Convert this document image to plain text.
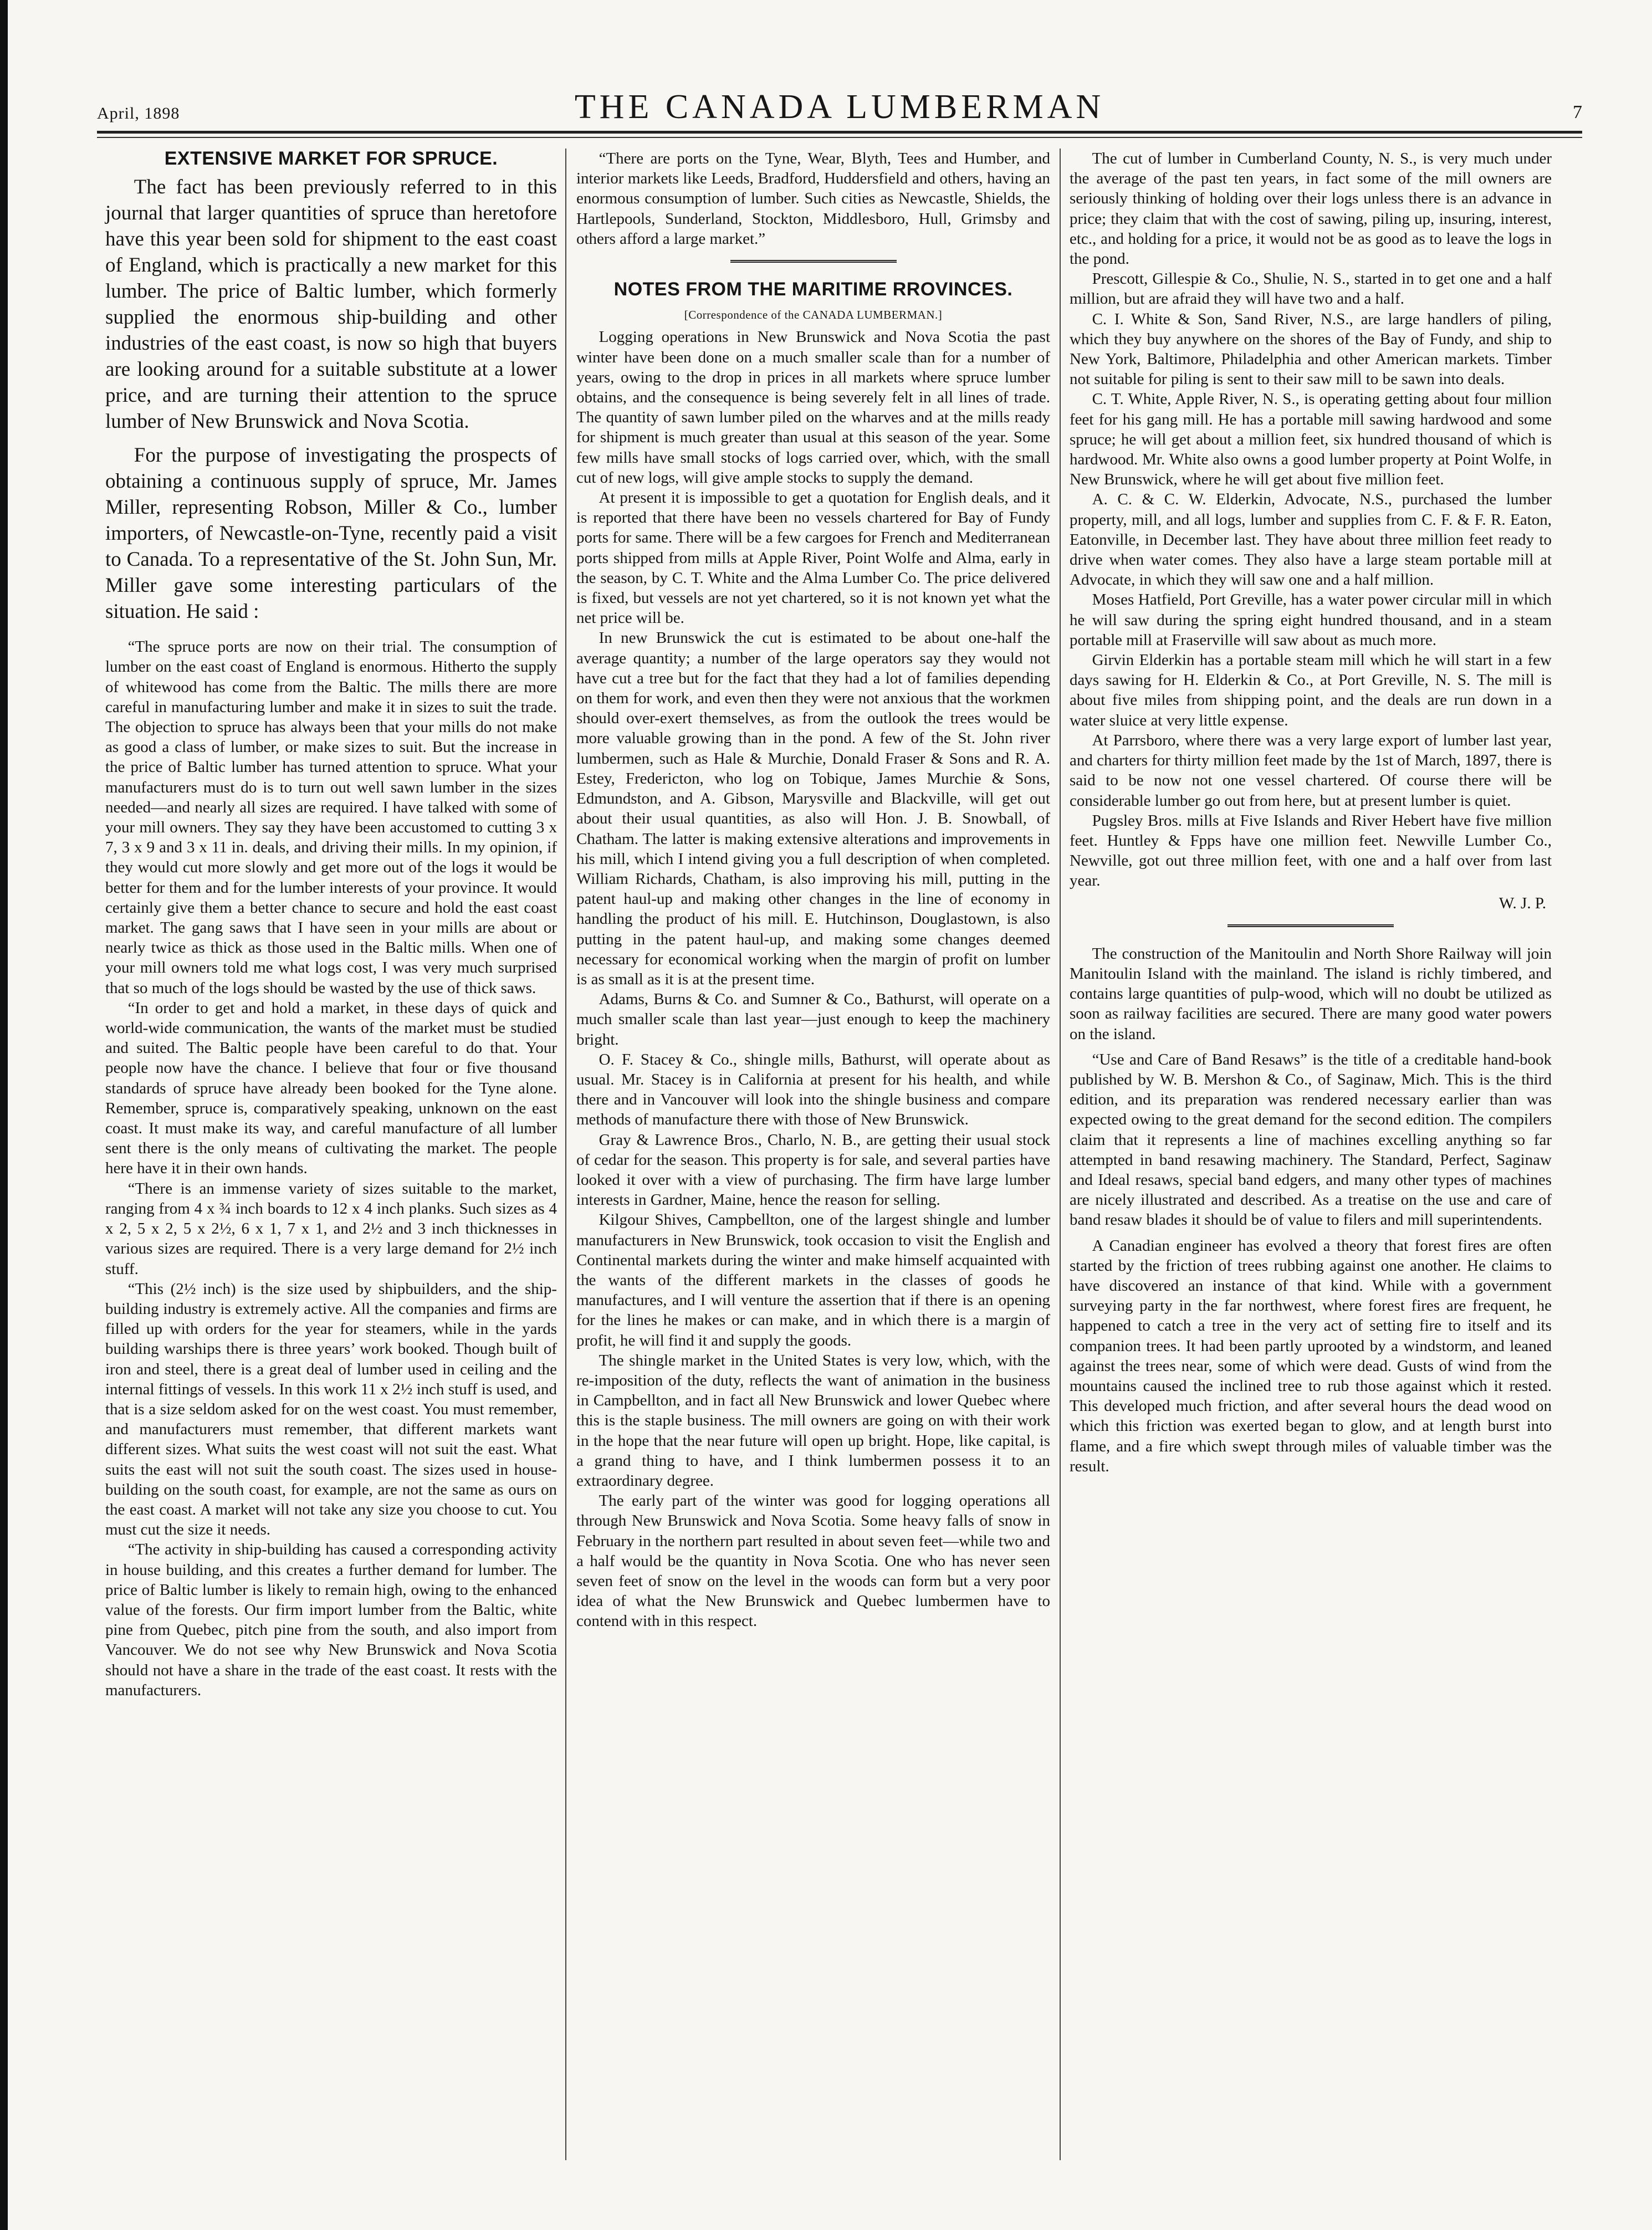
April, 1898	THE CANADA LUMBERMAN	7
EXTENSIVE MARKET FOR SPRUCE.

The fact has been previously referred to in this journal that larger quantities of spruce than heretofore have this year been sold for shipment to the east coast of England, which is practically a new market for this lumber. The price of Baltic lumber, which formerly supplied the enormous ship-building and other industries of the east coast, is now so high that buyers are looking around for a suitable substitute at a lower price, and are turning their attention to the spruce lumber of New Brunswick and Nova Scotia.

For the purpose of investigating the prospects of obtaining a continuous supply of spruce, Mr. James Miller, representing Robson, Miller & Co., lumber importers, of Newcastle-on-Tyne, recently paid a visit to Canada. To a representative of the St. John Sun, Mr. Miller gave some interesting particulars of the situation. He said :

“The spruce ports are now on their trial. The consumption of lumber on the east coast of England is enormous. Hitherto the supply of whitewood has come from the Baltic. The mills there are more careful in manufacturing lumber and make it in sizes to suit the trade. The objection to spruce has always been that your mills do not make as good a class of lumber, or make sizes to suit. But the increase in the price of Baltic lumber has turned attention to spruce. What your manufacturers must do is to turn out well sawn lumber in the sizes needed—and nearly all sizes are required. I have talked with some of your mill owners. They say they have been accustomed to cutting 3 x 7, 3 x 9 and 3 x 11 in. deals, and driving their mills. In my opinion, if they would cut more slowly and get more out of the logs it would be better for them and for the lumber interests of your province. It would certainly give them a better chance to secure and hold the east coast market. The gang saws that I have seen in your mills are about or nearly twice as thick as those used in the Baltic mills. When one of your mill owners told me what logs cost, I was very much surprised that so much of the logs should be wasted by the use of thick saws.

“In order to get and hold a market, in these days of quick and world-wide communication, the wants of the market must be studied and suited. The Baltic people have been careful to do that. Your people now have the chance. I believe that four or five thousand standards of spruce have already been booked for the Tyne alone. Remember, spruce is, comparatively speaking, unknown on the east coast. It must make its way, and careful manufacture of all lumber sent there is the only means of cultivating the market. The people here have it in their own hands.

“There is an immense variety of sizes suitable to the market, ranging from 4 x ¾ inch boards to 12 x 4 inch planks. Such sizes as 4 x 2, 5 x 2, 5 x 2½, 6 x 1, 7 x 1, and 2½ and 3 inch thicknesses in various sizes are required. There is a very large demand for 2½ inch stuff.

“This (2½ inch) is the size used by shipbuilders, and the ship-building industry is extremely active. All the companies and firms are filled up with orders for the year for steamers, while in the yards building warships there is three years’ work booked. Though built of iron and steel, there is a great deal of lumber used in ceiling and the internal fittings of vessels. In this work 11 x 2½ inch stuff is used, and that is a size seldom asked for on the west coast. You must remember, and manufacturers must remember, that different markets want different sizes. What suits the west coast will not suit the east. What suits the east will not suit the south coast. The sizes used in house-building on the south coast, for example, are not the same as ours on the east coast. A market will not take any size you choose to cut. You must cut the size it needs.

“The activity in ship-building has caused a corresponding activity in house building, and this creates a further demand for lumber. The price of Baltic lumber is likely to remain high, owing to the enhanced value of the forests. Our firm import lumber from the Baltic, white pine from Quebec, pitch pine from the south, and also import from Vancouver. We do not see why New Brunswick and Nova Scotia should not have a share in the trade of the east coast. It rests with the manufacturers.

“There are ports on the Tyne, Wear, Blyth, Tees and Humber, and interior markets like Leeds, Bradford, Huddersfield and others, having an enormous consumption of lumber. Such cities as Newcastle, Shields, the Hartlepools, Sunderland, Stockton, Middlesboro, Hull, Grimsby and others afford a large market.”

NOTES FROM THE MARITIME RROVINCES.
[Correspondence of the CANADA LUMBERMAN.]

Logging operations in New Brunswick and Nova Scotia the past winter have been done on a much smaller scale than for a number of years, owing to the drop in prices in all markets where spruce lumber obtains, and the consequence is being severely felt in all lines of trade. The quantity of sawn lumber piled on the wharves and at the mills ready for shipment is much greater than usual at this season of the year. Some few mills have small stocks of logs carried over, which, with the small cut of new logs, will give ample stocks to supply the demand.

At present it is impossible to get a quotation for English deals, and it is reported that there have been no vessels chartered for Bay of Fundy ports for same. There will be a few cargoes for French and Mediterranean ports shipped from mills at Apple River, Point Wolfe and Alma, early in the season, by C. T. White and the Alma Lumber Co. The price delivered is fixed, but vessels are not yet chartered, so it is not known yet what the net price will be.

In new Brunswick the cut is estimated to be about one-half the average quantity; a number of the large operators say they would not have cut a tree but for the fact that they had a lot of families depending on them for work, and even then they were not anxious that the workmen should over-exert themselves, as from the outlook the trees would be more valuable growing than in the pond. A few of the St. John river lumbermen, such as Hale & Murchie, Donald Fraser & Sons and R. A. Estey, Fredericton, who log on Tobique, James Murchie & Sons, Edmundston, and A. Gibson, Marysville and Blackville, will get out about their usual quantities, as also will Hon. J. B. Snowball, of Chatham. The latter is making extensive alterations and improvements in his mill, which I intend giving you a full description of when completed. William Richards, Chatham, is also improving his mill, putting in the patent haul-up and making other changes in the line of economy in handling the product of his mill. E. Hutchinson, Douglastown, is also putting in the patent haul-up, and making some changes deemed necessary for economical working when the margin of profit on lumber is as small as it is at the present time.

Adams, Burns & Co. and Sumner & Co., Bathurst, will operate on a much smaller scale than last year—just enough to keep the machinery bright.

O. F. Stacey & Co., shingle mills, Bathurst, will operate about as usual. Mr. Stacey is in California at present for his health, and while there and in Vancouver will look into the shingle business and compare methods of manufacture there with those of New Brunswick.

Gray & Lawrence Bros., Charlo, N. B., are getting their usual stock of cedar for the season. This property is for sale, and several parties have looked it over with a view of purchasing. The firm have large lumber interests in Gardner, Maine, hence the reason for selling.

Kilgour Shives, Campbellton, one of the largest shingle and lumber manufacturers in New Brunswick, took occasion to visit the English and Continental markets during the winter and make himself acquainted with the wants of the different markets in the classes of goods he manufactures, and I will venture the assertion that if there is an opening for the lines he makes or can make, and in which there is a margin of profit, he will find it and supply the goods.

The shingle market in the United States is very low, which, with the re-imposition of the duty, reflects the want of animation in the business in Campbellton, and in fact all New Brunswick and lower Quebec where this is the staple business. The mill owners are going on with their work in the hope that the near future will open up bright. Hope, like capital, is a grand thing to have, and I think lumbermen possess it to an extraordinary degree.

The early part of the winter was good for logging operations all through New Brunswick and Nova Scotia. Some heavy falls of snow in February in the northern part resulted in about seven feet—while two and a half would be the quantity in Nova Scotia. One who has never seen seven feet of snow on the level in the woods can form but a very poor idea of what the New Brunswick and Quebec lumbermen have to contend with in this respect.

The cut of lumber in Cumberland County, N. S., is very much under the average of the past ten years, in fact some of the mill owners are seriously thinking of holding over their logs unless there is an advance in price; they claim that with the cost of sawing, piling up, insuring, interest, etc., and holding for a price, it would not be as good as to leave the logs in the pond.

Prescott, Gillespie & Co., Shulie, N. S., started in to get one and a half million, but are afraid they will have two and a half.

C. I. White & Son, Sand River, N.S., are large handlers of piling, which they buy anywhere on the shores of the Bay of Fundy, and ship to New York, Baltimore, Philadelphia and other American markets. Timber not suitable for piling is sent to their saw mill to be sawn into deals.

C. T. White, Apple River, N. S., is operating getting about four million feet for his gang mill. He has a portable mill sawing hardwood and some spruce; he will get about a million feet, six hundred thousand of which is hardwood. Mr. White also owns a good lumber property at Point Wolfe, in New Brunswick, where he will get about five million feet.

A. C. & C. W. Elderkin, Advocate, N.S., purchased the lumber property, mill, and all logs, lumber and supplies from C. F. & F. R. Eaton, Eatonville, in December last. They have about three million feet ready to drive when water comes. They also have a large steam portable mill at Advocate, in which they will saw one and a half million.

Moses Hatfield, Port Greville, has a water power circular mill in which he will saw during the spring eight hundred thousand, and in a steam portable mill at Fraserville will saw about as much more.

Girvin Elderkin has a portable steam mill which he will start in a few days sawing for H. Elderkin & Co., at Port Greville, N. S. The mill is about five miles from shipping point, and the deals are run down in a water sluice at very little expense.

At Parrsboro, where there was a very large export of lumber last year, and charters for thirty million feet made by the 1st of March, 1897, there is said to be now not one vessel chartered. Of course there will be considerable lumber go out from here, but at present lumber is quiet.

Pugsley Bros. mills at Five Islands and River Hebert have five million feet. Huntley & Fpps have one million feet. Newville Lumber Co., Newville, got out three million feet, with one and a half over from last year.

W. J. P.

The construction of the Manitoulin and North Shore Railway will join Manitoulin Island with the mainland. The island is richly timbered, and contains large quantities of pulp-wood, which will no doubt be utilized as soon as railway facilities are secured. There are many good water powers on the island.

“Use and Care of Band Resaws” is the title of a creditable hand-book published by W. B. Mershon & Co., of Saginaw, Mich. This is the third edition, and its preparation was rendered necessary earlier than was expected owing to the great demand for the second edition. The compilers claim that it represents a line of machines excelling anything so far attempted in band resawing machinery. The Standard, Perfect, Saginaw and Ideal resaws, special band edgers, and many other types of machines are nicely illustrated and described. As a treatise on the use and care of band resaw blades it should be of value to filers and mill superintendents.

A Canadian engineer has evolved a theory that forest fires are often started by the friction of trees rubbing against one another. He claims to have discovered an instance of that kind. While with a government surveying party in the far northwest, where forest fires are frequent, he happened to catch a tree in the very act of setting fire to itself and its companion trees. It had been partly uprooted by a windstorm, and leaned against the trees near, some of which were dead. Gusts of wind from the mountains caused the inclined tree to rub those against which it rested. This developed much friction, and after several hours the dead wood on which this friction was exerted began to glow, and at length burst into flame, and a fire which swept through miles of valuable timber was the result.
